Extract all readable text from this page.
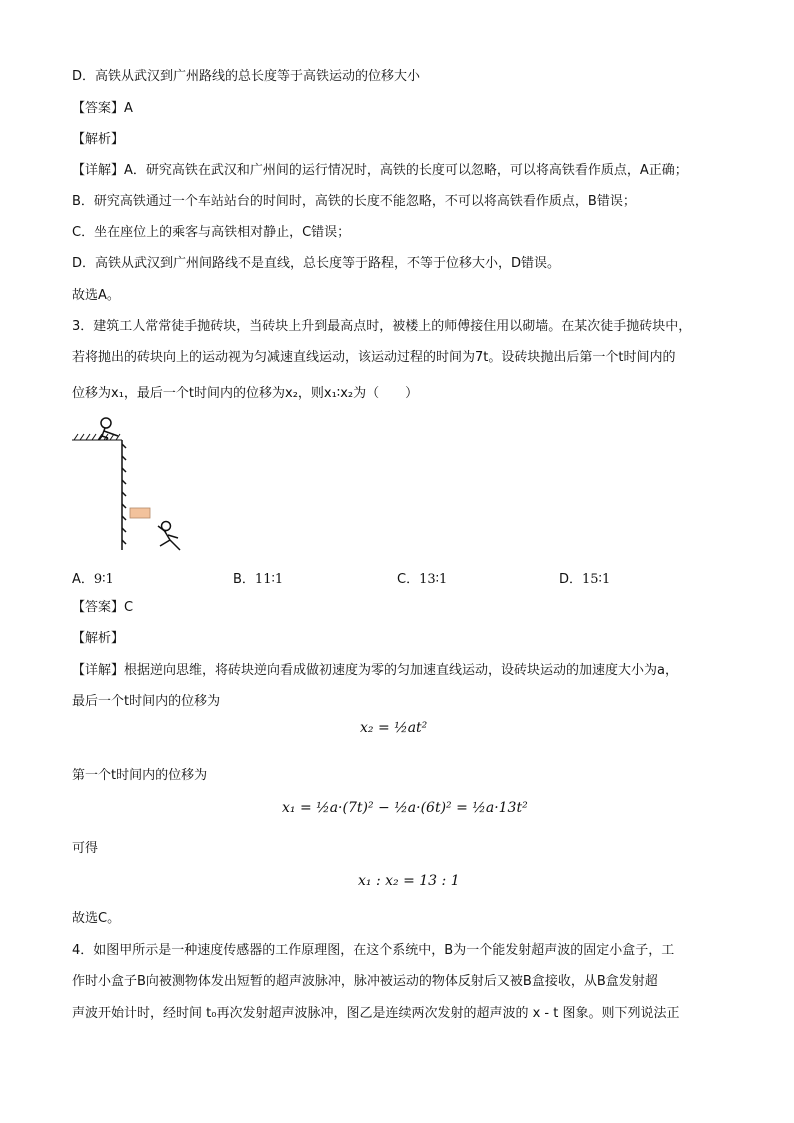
D．高铁从武汉到广州路线的总长度等于高铁运动的位移大小
【答案】A
【解析】
【详解】A．研究高铁在武汉和广州间的运行情况时，高铁的长度可以忽略，可以将高铁看作质点，A正确；
B．研究高铁通过一个车站站台的时间时，高铁的长度不能忽略，不可以将高铁看作质点，B错误；
C．坐在座位上的乘客与高铁相对静止，C错误；
D．高铁从武汉到广州间路线不是直线，总长度等于路程，不等于位移大小，D错误。
故选A。
3．建筑工人常常徒手抛砖块，当砖块上升到最高点时，被楼上的师傅接住用以砌墙。在某次徒手抛砖块中，
若将抛出的砖块向上的运动视为匀减速直线运动，该运动过程的时间为7t。设砖块抛出后第一个t时间内的
位移为x₁，最后一个t时间内的位移为x₂，则x₁∶x₂为（　　）
A．9∶1	B．11∶1	C．13∶1	D．15∶1
【答案】C
【解析】
【详解】根据逆向思维，将砖块逆向看成做初速度为零的匀加速直线运动，设砖块运动的加速度大小为a，
最后一个t时间内的位移为
x₂ = ½at²
第一个t时间内的位移为
x₁ = ½a·(7t)² − ½a·(6t)² = ½a·13t²
可得
x₁ : x₂ = 13 : 1
故选C。
4．如图甲所示是一种速度传感器的工作原理图，在这个系统中，B为一个能发射超声波的固定小盒子，工
作时小盒子B向被测物体发出短暂的超声波脉冲，脉冲被运动的物体反射后又被B盒接收，从B盒发射超
声波开始计时，经时间 t₀再次发射超声波脉冲，图乙是连续两次发射的超声波的 x - t 图象。则下列说法正
